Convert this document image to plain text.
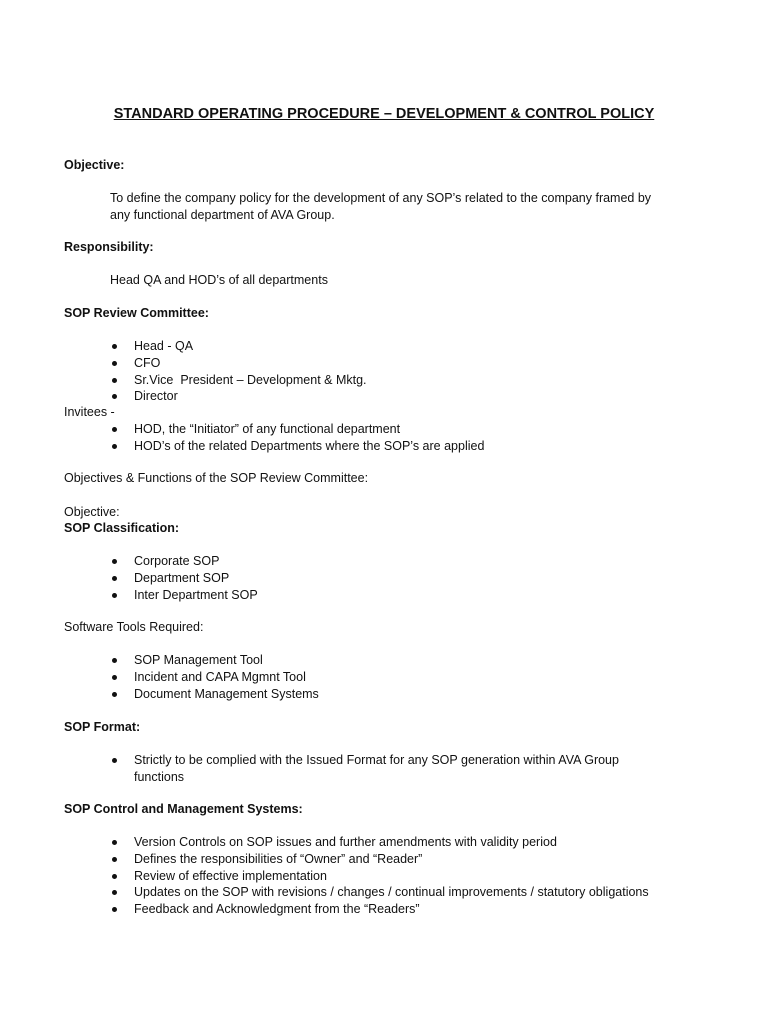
STANDARD OPERATING PROCEDURE – DEVELOPMENT & CONTROL POLICY
Objective:
To define the company policy for the development of any SOP’s related to the company framed by
any functional department of AVA Group.
Responsibility:
Head QA and HOD’s of all departments
SOP Review Committee:
Head - QA
CFO
Sr.Vice  President – Development & Mktg.
Director
Invitees -
HOD, the “Initiator” of any functional department
HOD’s of the related Departments where the SOP’s are applied
Objectives & Functions of the SOP Review Committee:
Objective:
SOP Classification:
Corporate SOP
Department SOP
Inter Department SOP
Software Tools Required:
SOP Management Tool
Incident and CAPA Mgmnt Tool
Document Management Systems
SOP Format:
Strictly to be complied with the Issued Format for any SOP generation within AVA Group functions
SOP Control and Management Systems:
Version Controls on SOP issues and further amendments with validity period
Defines the responsibilities of “Owner” and “Reader”
Review of effective implementation
Updates on the SOP with revisions / changes / continual improvements / statutory obligations
Feedback and Acknowledgment from the “Readers”
